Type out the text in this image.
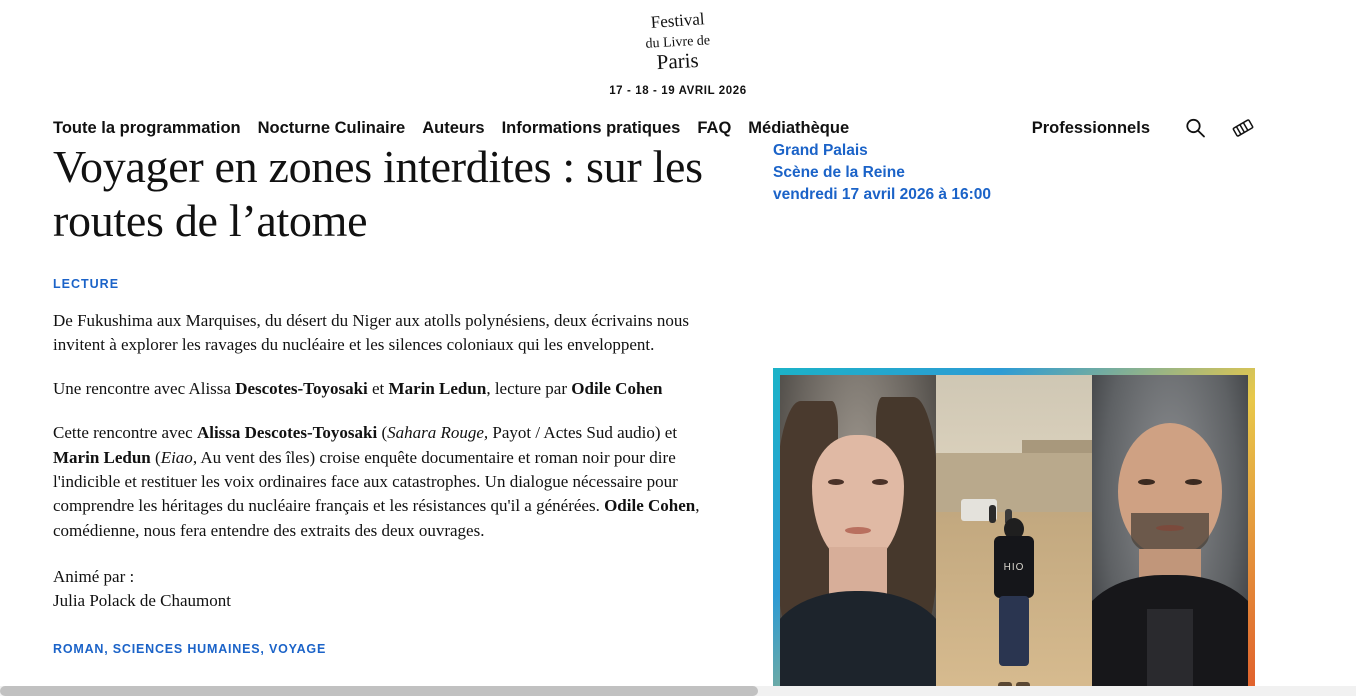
Festival
du Livre de
Paris
17 - 18 - 19 AVRIL 2026
Toute la programmation Nocturne Culinaire Auteurs Informations pratiques FAQ Médiathèque	Professionnels
Voyager en zones interdites : sur les routes de l’atome
LECTURE

De Fukushima aux Marquises, du désert du Niger aux atolls polynésiens, deux écrivains nous invitent à explorer les ravages du nucléaire et les silences coloniaux qui les enveloppent.

Une rencontre avec Alissa Descotes-Toyosaki et Marin Ledun, lecture par Odile Cohen

Cette rencontre avec Alissa Descotes-Toyosaki (Sahara Rouge, Payot / Actes Sud audio) et Marin Ledun (Eiao, Au vent des îles) croise enquête documentaire et roman noir pour dire l'indicible et restituer les voix ordinaires face aux catastrophes. Un dialogue nécessaire pour comprendre les héritages du nucléaire français et les résistances qu'il a générées. Odile Cohen, comédienne, nous fera entendre des extraits des deux ouvrages.

Animé par :
Julia Polack de Chaumont

ROMAN, SCIENCES HUMAINES, VOYAGE
Grand Palais
Scène de la Reine
vendredi 17 avril 2026 à 16:00
HIO
